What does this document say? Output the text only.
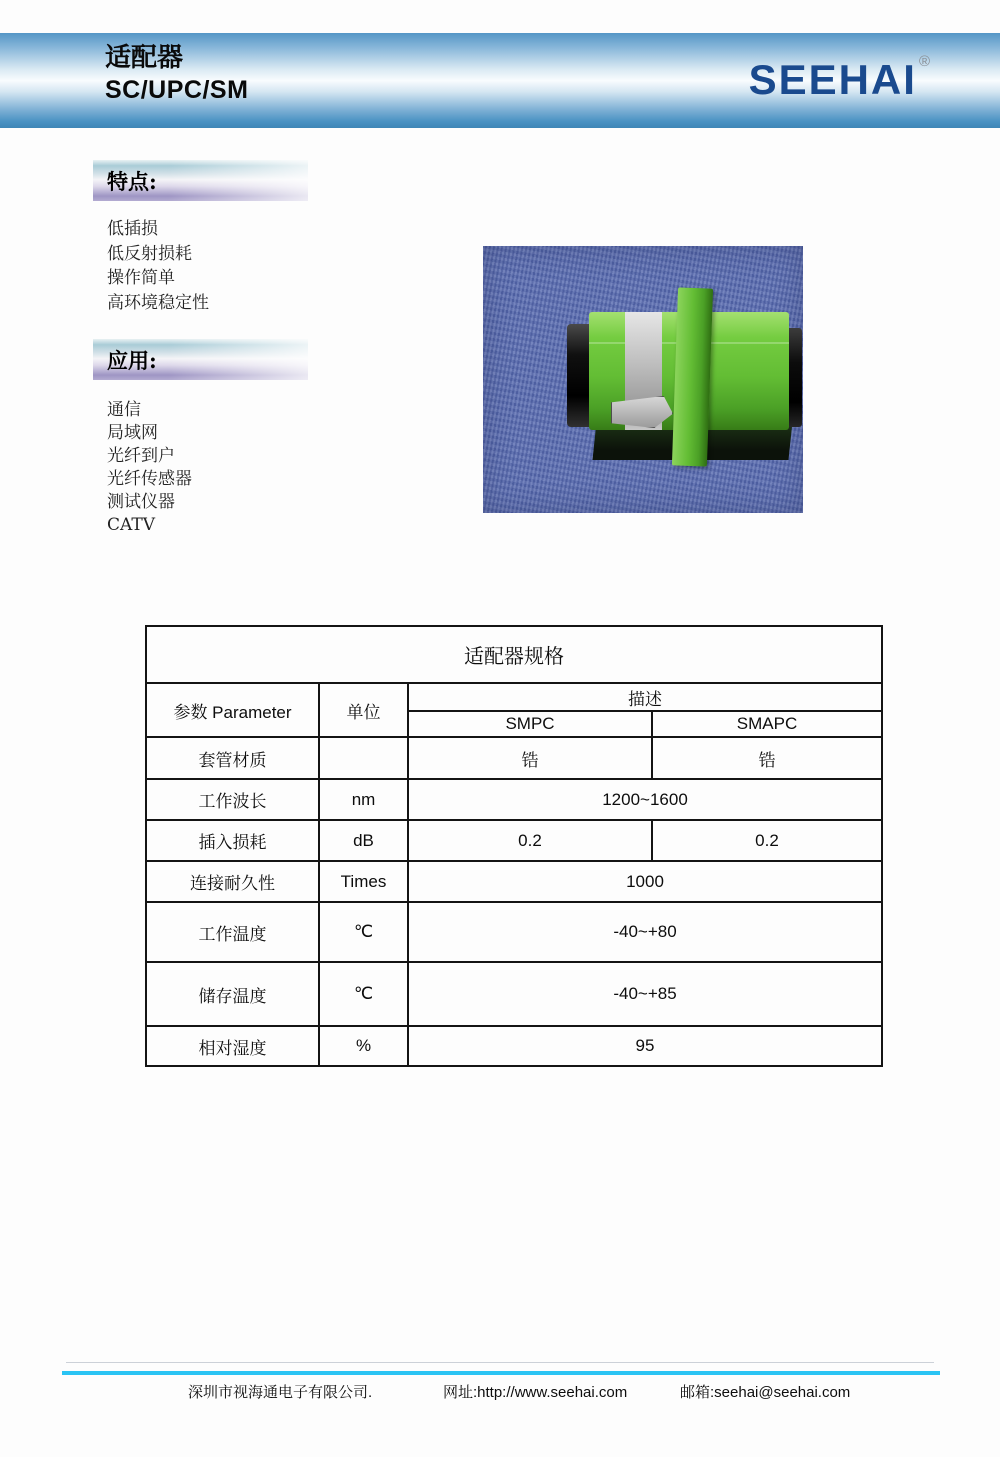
适配器
SC/UPC/SM	SEEHAI ®
特点:
低插损
低反射损耗
操作简单
高环境稳定性
应用:
通信
局域网
光纤到户
光纤传感器
测试仪器
CATV
适配器规格			
参数 Parameter	单位	描述	
		SMPC	SMAPC
套管材质		锆	锆
工作波长	nm	1200~1600	
插入损耗	dB	0.2	0.2
连接耐久性	Times	1000	
工作温度	℃	-40~+80	
储存温度	℃	-40~+85	
相对湿度	%	95	
深圳市视海通电子有限公司.	网址:http://www.seehai.com	邮箱:seehai@seehai.com
